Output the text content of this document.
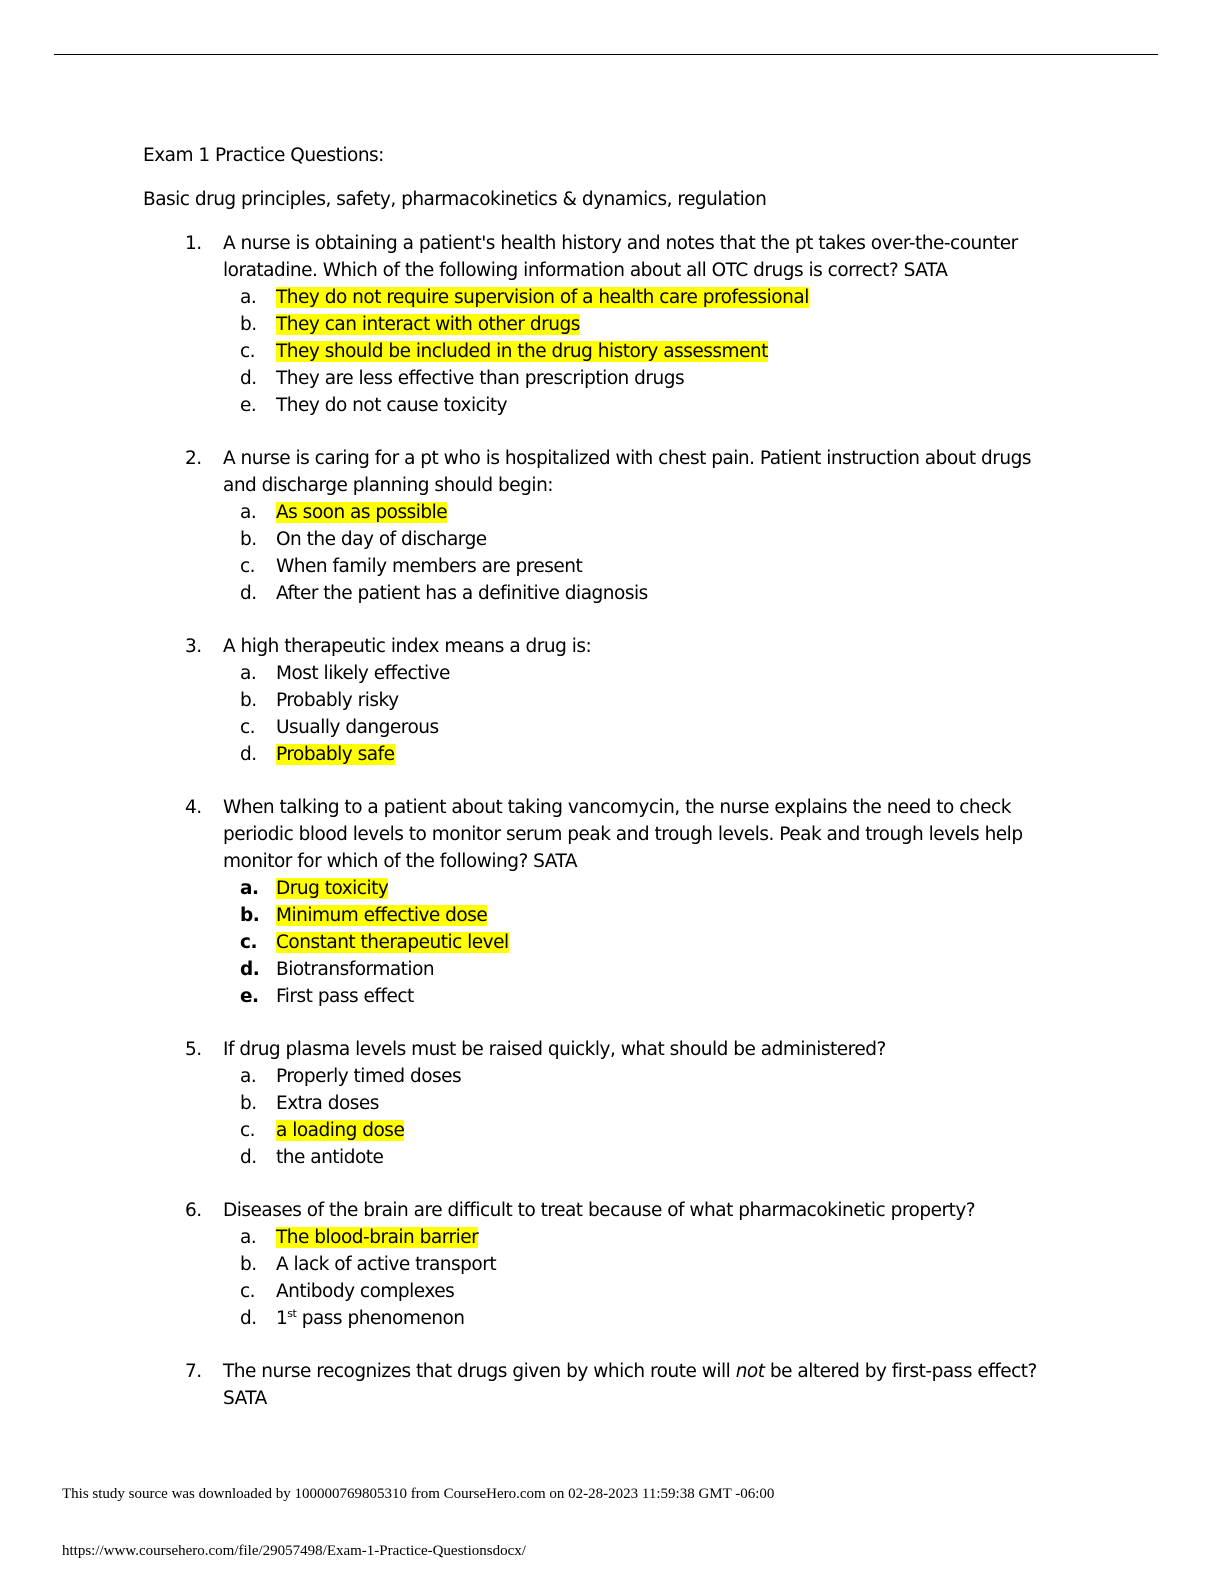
Exam 1 Practice Questions:
Basic drug principles, safety, pharmacokinetics & dynamics, regulation
1.	A nurse is obtaining a patient's health history and notes that the pt takes over-the-counter loratadine. Which of the following information about all OTC drugs is correct? SATA

a.	They do not require supervision of a health care professional
b.	They can interact with other drugs
c.	They should be included in the drug history assessment
d.	They are less effective than prescription drugs
e.	They do not cause toxicity
2.	A nurse is caring for a pt who is hospitalized with chest pain. Patient instruction about drugs and discharge planning should begin:

a.	As soon as possible
b.	On the day of discharge
c.	When family members are present
d.	After the patient has a definitive diagnosis
3.	A high therapeutic index means a drug is:

a.	Most likely effective
b.	Probably risky
c.	Usually dangerous
d.	Probably safe
4.	When talking to a patient about taking vancomycin, the nurse explains the need to check periodic blood levels to monitor serum peak and trough levels. Peak and trough levels help monitor for which of the following? SATA

a. Drug toxicity
b. Minimum effective dose
c.	Constant therapeutic level
d. Biotransformation
e. First pass effect
5.	If drug plasma levels must be raised quickly, what should be administered?

a.	Properly timed doses
b.	Extra doses
c.	a loading dose
d.	the antidote
6.	Diseases of the brain are difficult to treat because of what pharmacokinetic property?

a.	The blood-brain barrier
b.	A lack of active transport
c.	Antibody complexes
d.	1st pass phenomenon
7.	The nurse recognizes that drugs given by which route will not be altered by first-pass effect? SATA

This study source was downloaded by 100000769805310 from CourseHero.com on 02-28-2023 11:59:38 GMT -06:00
https://www.coursehero.com/file/29057498/Exam-1-Practice-Questionsdocx/
